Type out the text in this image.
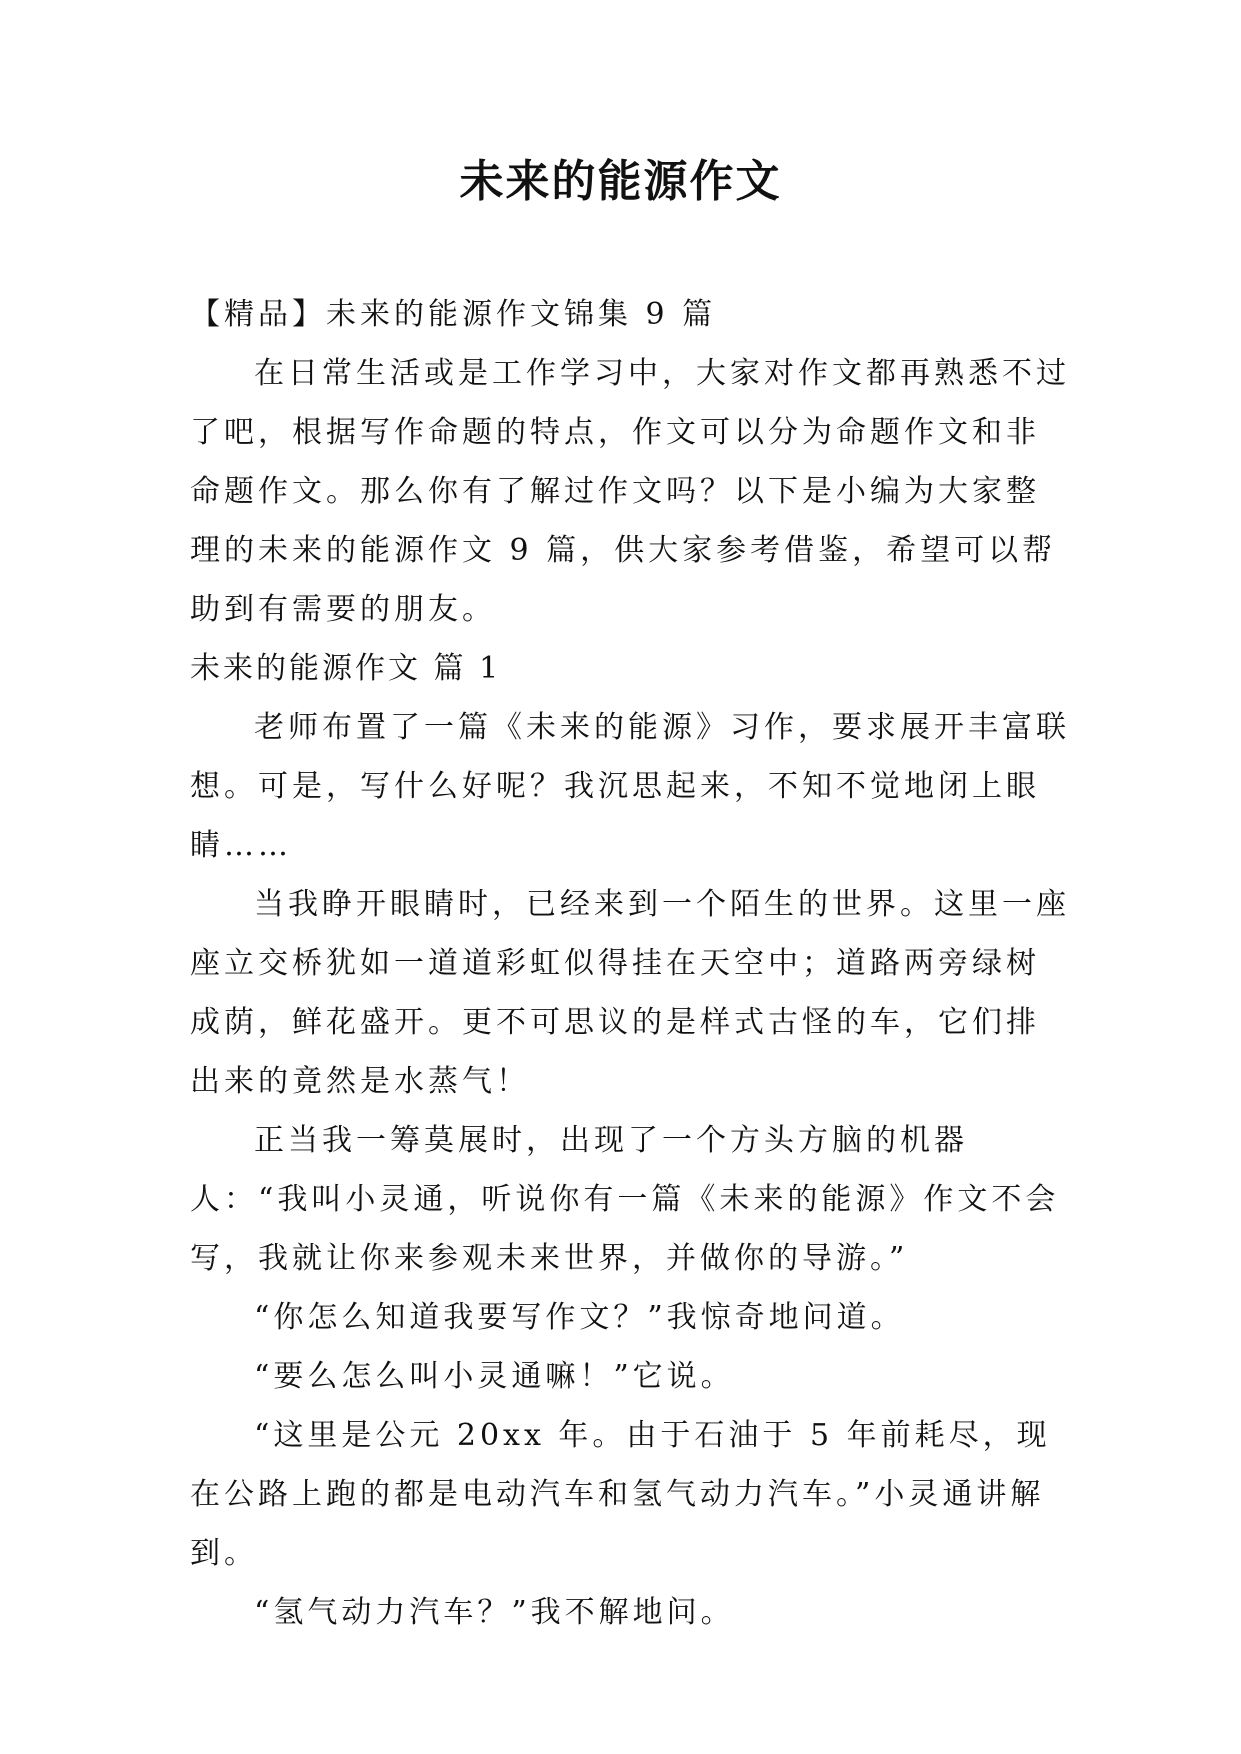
未来的能源作文

【精品】未来的能源作文锦集 9 篇

在日常生活或是工作学习中，大家对作文都再熟悉不过了吧，根据写作命题的特点，作文可以分为命题作文和非命题作文。那么你有了解过作文吗？以下是小编为大家整理的未来的能源作文 9 篇，供大家参考借鉴，希望可以帮助到有需要的朋友。

未来的能源作文 篇 1

老师布置了一篇《未来的能源》习作，要求展开丰富联想。可是，写什么好呢？我沉思起来，不知不觉地闭上眼睛……

当我睁开眼睛时，已经来到一个陌生的世界。这里一座座立交桥犹如一道道彩虹似得挂在天空中；道路两旁绿树成荫，鲜花盛开。更不可思议的是样式古怪的车，它们排出来的竟然是水蒸气！

正当我一筹莫展时，出现了一个方头方脑的机器人：“我叫小灵通，听说你有一篇《未来的能源》作文不会写，我就让你来参观未来世界，并做你的导游。”

“你怎么知道我要写作文？”我惊奇地问道。

“要么怎么叫小灵通嘛！”它说。

“这里是公元 20xx 年。由于石油于 5 年前耗尽，现在公路上跑的都是电动汽车和氢气动力汽车。”小灵通讲解到。

“氢气动力汽车？”我不解地问。
